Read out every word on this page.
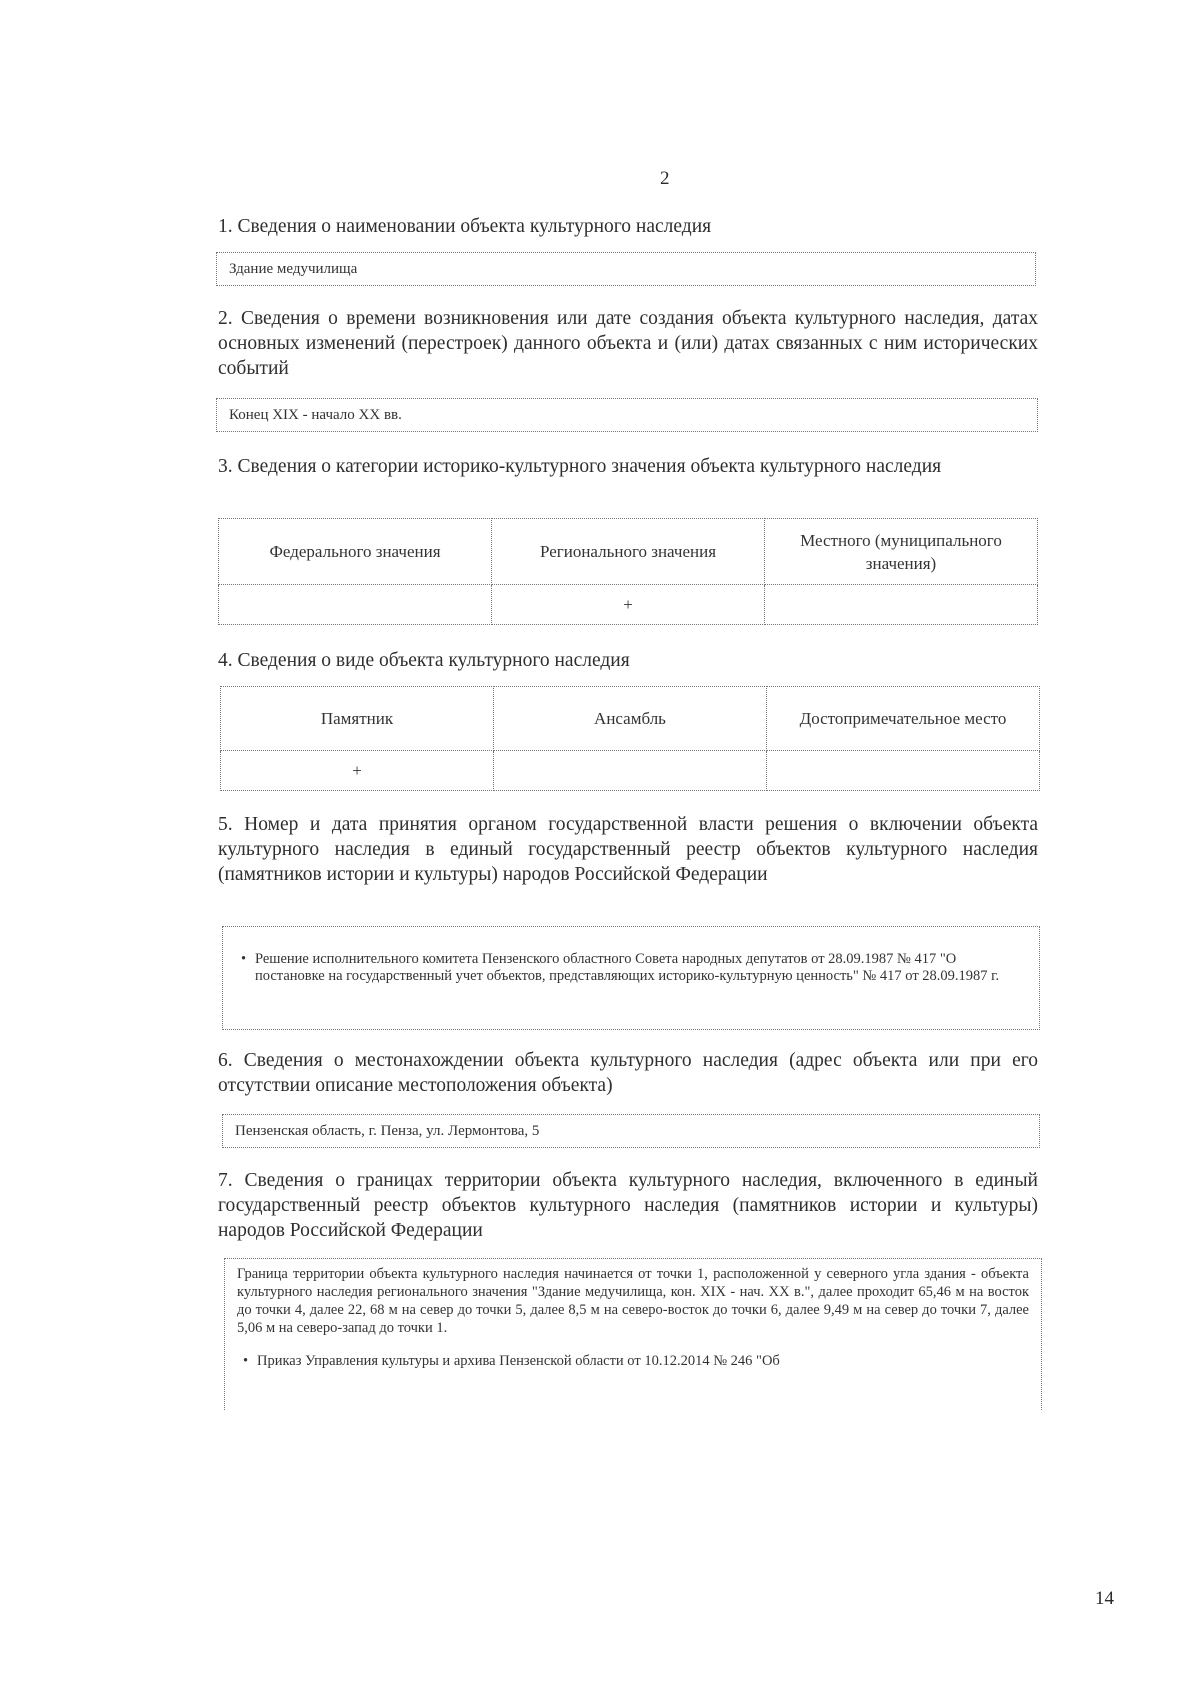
2
1. Сведения о наименовании объекта культурного наследия
Здание медучилища
2. Сведения о времени возникновения или дате создания объекта культурного наследия, датах основных изменений (перестроек) данного объекта и (или) датах связанных с ним исторических событий
Конец XIX - начало XX вв.
3. Сведения о категории историко-культурного значения объекта культурного наследия
Федерального значения	Регионального значения	Местного (муниципального значения)
	+	
4. Сведения о виде объекта культурного наследия
Памятник	Ансамбль	Достопримечательное место
+		
5. Номер и дата принятия органом государственной власти решения о включении объекта культурного наследия в единый государственный реестр объектов культурного наследия (памятников истории и культуры) народов Российской Федерации
• Решение исполнительного комитета Пензенского областного Совета народных депутатов от 28.09.1987 № 417 "О постановке на государственный учет объектов, представляющих историко-культурную ценность" № 417 от 28.09.1987 г.
6. Сведения о местонахождении объекта культурного наследия (адрес объекта или при его отсутствии описание местоположения объекта)
Пензенская область, г. Пенза, ул. Лермонтова, 5
7. Сведения о границах территории объекта культурного наследия, включенного в единый государственный реестр объектов культурного наследия (памятников истории и культуры) народов Российской Федерации
Граница территории объекта культурного наследия начинается от точки 1, расположенной у северного угла здания - объекта культурного наследия регионального значения "Здание медучилища, кон. XIX - нач. XX в.", далее проходит 65,46 м на восток до точки 4, далее 22, 68 м на север до точки 5, далее 8,5 м на северо-восток до точки 6, далее 9,49 м на север до точки 7, далее 5,06 м на северо-запад до точки 1.
• Приказ Управления культуры и архива Пензенской области от 10.12.2014 № 246 "Об
14
